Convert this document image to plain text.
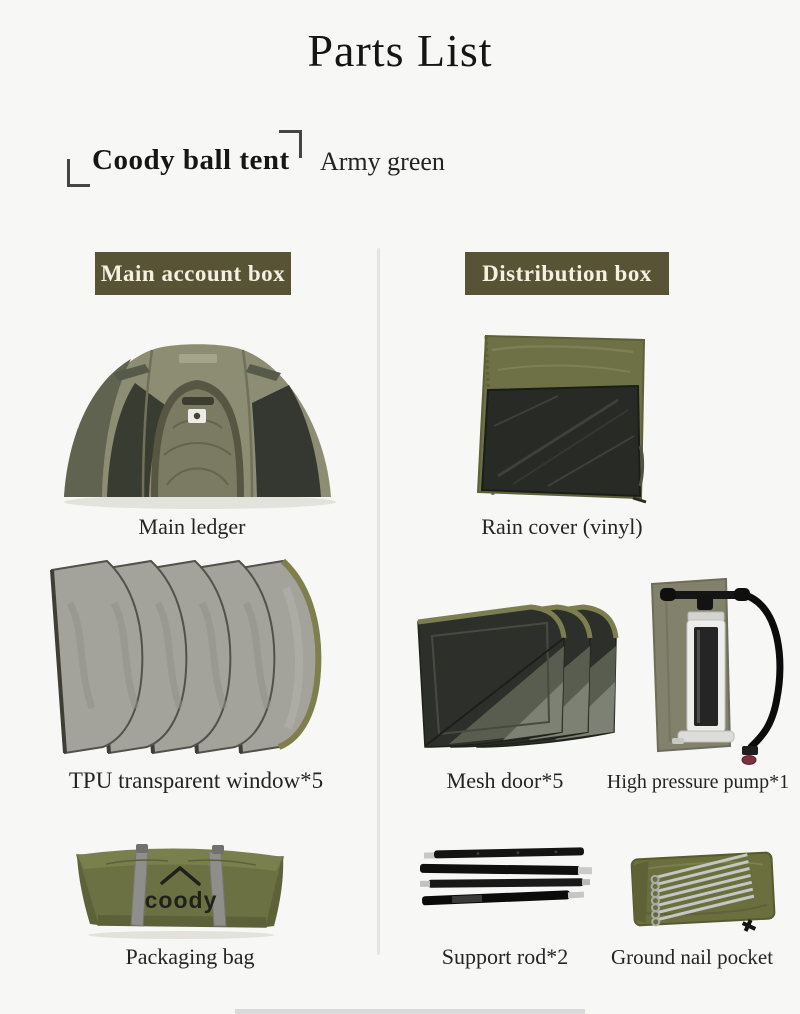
Parts List
Coody ball tent Army green
Main account box	Distribution box
Main ledger
TPU transparent window*5
coody
Packaging bag
Rain cover (vinyl)
Mesh door*5	High pressure pump*1
Support rod*2	Ground nail pocket
